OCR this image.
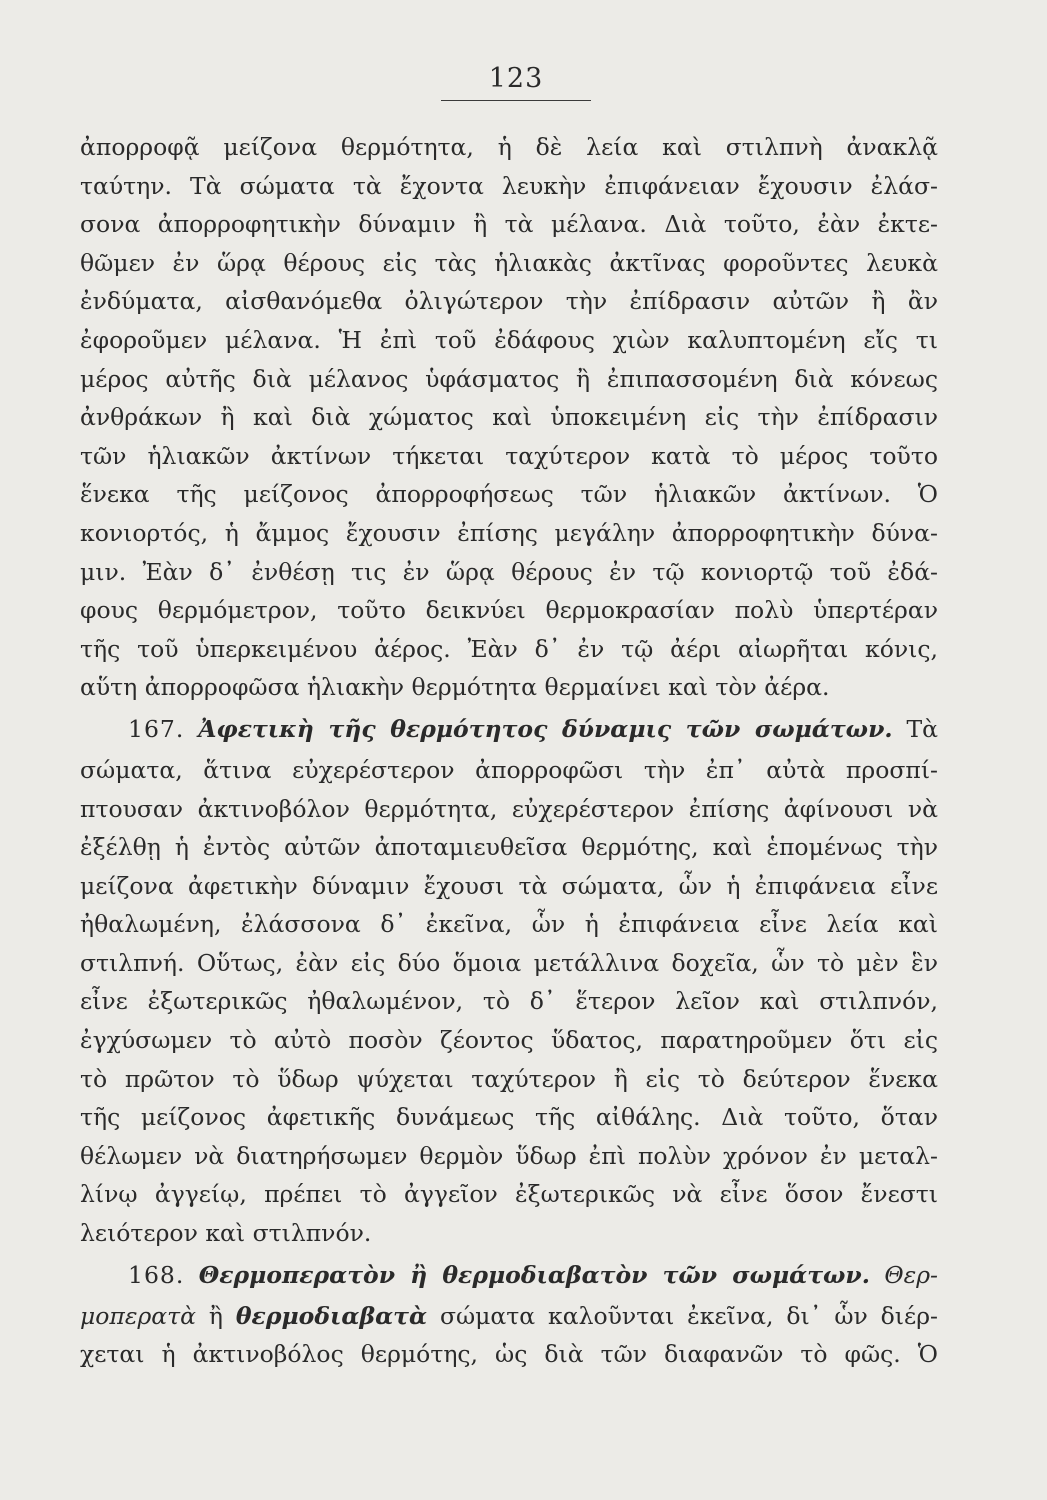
123
ἀπορροφᾷ μείζονα θερμότητα, ἡ δὲ λεία καὶ στιλπνὴ ἀνακλᾷ
ταύτην. Τὰ σώματα τὰ ἔχοντα λευκὴν ἐπιφάνειαν ἔχουσιν ἐλάσ-
σονα ἀπορροφητικὴν δύναμιν ἢ τὰ μέλανα. Διὰ τοῦτο, ἐὰν ἐκτε-
θῶμεν ἐν ὥρᾳ θέρους εἰς τὰς ἡλιακὰς ἀκτῖνας φοροῦντες λευκὰ
ἐνδύματα, αἰσθανόμεθα ὀλιγώτερον τὴν ἐπίδρασιν αὐτῶν ἢ ἂν
ἐφοροῦμεν μέλανα. Ἡ ἐπὶ τοῦ ἐδάφους χιὼν καλυπτομένη εἴς τι
μέρος αὐτῆς διὰ μέλανος ὑφάσματος ἢ ἐπιπασσομένη διὰ κόνεως
ἀνθράκων ἢ καὶ διὰ χώματος καὶ ὑποκειμένη εἰς τὴν ἐπίδρασιν
τῶν ἡλιακῶν ἀκτίνων τήκεται ταχύτερον κατὰ τὸ μέρος τοῦτο
ἕνεκα τῆς μείζονος ἀπορροφήσεως τῶν ἡλιακῶν ἀκτίνων. Ὁ
κονιορτός, ἡ ἄμμος ἔχουσιν ἐπίσης μεγάλην ἀπορροφητικὴν δύνα-
μιν. Ἐὰν δ᾽ ἐνθέσῃ τις ἐν ὥρᾳ θέρους ἐν τῷ κονιορτῷ τοῦ ἐδά-
φους θερμόμετρον, τοῦτο δεικνύει θερμοκρασίαν πολὺ ὑπερτέραν
τῆς τοῦ ὑπερκειμένου ἀέρος. Ἐὰν δ᾽ ἐν τῷ ἀέρι αἰωρῆται κόνις,
αὕτη ἀπορροφῶσα ἡλιακὴν θερμότητα θερμαίνει καὶ τὸν ἀέρα.
167. Ἀφετικὴ τῆς θερμότητος δύναμις τῶν σωμάτων. Τὰ
σώματα, ἅτινα εὐχερέστερον ἀπορροφῶσι τὴν ἐπ᾽ αὐτὰ προσπί-
πτουσαν ἀκτινοβόλον θερμότητα, εὐχερέστερον ἐπίσης ἀφίνουσι νὰ
ἐξέλθῃ ἡ ἐντὸς αὐτῶν ἀποταμιευθεῖσα θερμότης, καὶ ἑπομένως τὴν
μείζονα ἀφετικὴν δύναμιν ἔχουσι τὰ σώματα, ὧν ἡ ἐπιφάνεια εἶνε
ἠθαλωμένη, ἐλάσσονα δ᾽ ἐκεῖνα, ὧν ἡ ἐπιφάνεια εἶνε λεία καὶ
στιλπνή. Οὕτως, ἐὰν εἰς δύο ὅμοια μετάλλινα δοχεῖα, ὧν τὸ μὲν ἓν
εἶνε ἐξωτερικῶς ἠθαλωμένον, τὸ δ᾽ ἕτερον λεῖον καὶ στιλπνόν,
ἐγχύσωμεν τὸ αὐτὸ ποσὸν ζέοντος ὕδατος, παρατηροῦμεν ὅτι εἰς
τὸ πρῶτον τὸ ὕδωρ ψύχεται ταχύτερον ἢ εἰς τὸ δεύτερον ἕνεκα
τῆς μείζονος ἀφετικῆς δυνάμεως τῆς αἰθάλης. Διὰ τοῦτο, ὅταν
θέλωμεν νὰ διατηρήσωμεν θερμὸν ὕδωρ ἐπὶ πολὺν χρόνον ἐν μεταλ-
λίνῳ ἀγγείῳ, πρέπει τὸ ἀγγεῖον ἐξωτερικῶς νὰ εἶνε ὅσον ἔνεστι
λειότερον καὶ στιλπνόν.
168. Θερμοπερατὸν ἢ θερμοδιαβατὸν τῶν σωμάτων. Θερ-
μοπερατὰ ἢ θερμοδιαβατὰ σώματα καλοῦνται ἐκεῖνα, δι᾽ ὧν διέρ-
χεται ἡ ἀκτινοβόλος θερμότης, ὡς διὰ τῶν διαφανῶν τὸ φῶς. Ὁ
